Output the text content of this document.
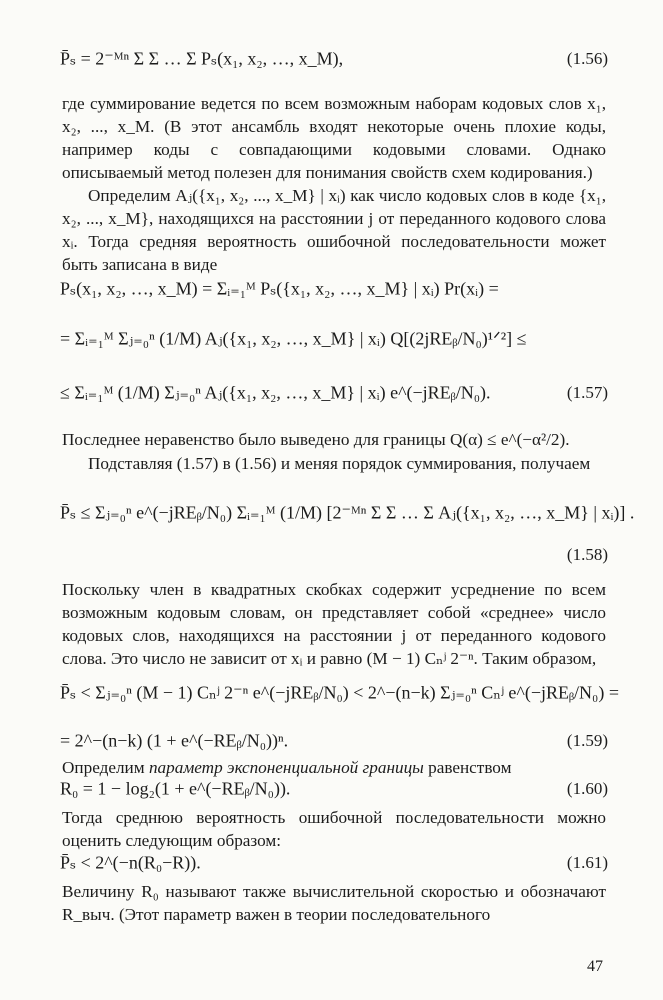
P̄ₛ = 2⁻ᴹⁿ Σ Σ … Σ Pₛ(x₁, x₂, …, x_M),	(1.56)

где суммирование ведется по всем возможным наборам кодовых слов x₁, x₂, ..., x_M. (В этот ансамбль входят некоторые очень плохие коды, например коды с совпадающими кодовыми словами. Однако описываемый метод полезен для понимания свойств схем кодирования.)

Определим Aⱼ({x₁, x₂, ..., x_M} | xᵢ) как число кодовых слов в коде {x₁, x₂, ..., x_M}, находящихся на расстоянии j от переданного кодового слова xᵢ. Тогда средняя вероятность ошибочной последовательности может быть записана в виде

Pₛ(x₁, x₂, …, x_M) = Σᵢ₌₁ᴹ Pₛ({x₁, x₂, …, x_M} | xᵢ) Pr(xᵢ) =
= Σᵢ₌₁ᴹ Σⱼ₌₀ⁿ (1/M) Aⱼ({x₁, x₂, …, x_M} | xᵢ) Q[(2jREᵦ/N₀)¹ᐟ²] ≤
≤ Σᵢ₌₁ᴹ (1/M) Σⱼ₌₀ⁿ Aⱼ({x₁, x₂, …, x_M} | xᵢ) e^(−jREᵦ/N₀).	(1.57)

Последнее неравенство было выведено для границы Q(α) ≤ e^(−α²/2).

Подставляя (1.57) в (1.56) и меняя порядок суммирования, получаем

P̄ₛ ≤ Σⱼ₌₀ⁿ e^(−jREᵦ/N₀) Σᵢ₌₁ᴹ (1/M) [2⁻ᴹⁿ Σ Σ … Σ Aⱼ({x₁, x₂, …, x_M} | xᵢ)] .
(1.58)

Поскольку член в квадратных скобках содержит усреднение по всем возможным кодовым словам, он представляет собой «среднее» число кодовых слов, находящихся на расстоянии j от переданного кодового слова. Это число не зависит от xᵢ и равно (M − 1) Cₙʲ 2⁻ⁿ. Таким образом,

P̄ₛ < Σⱼ₌₀ⁿ (M − 1) Cₙʲ 2⁻ⁿ e^(−jREᵦ/N₀) < 2^−(n−k) Σⱼ₌₀ⁿ Cₙʲ e^(−jREᵦ/N₀) =
= 2^−(n−k) (1 + e^(−REᵦ/N₀))ⁿ.	(1.59)

Определим параметр экспоненциальной границы равенством

R₀ = 1 − log₂(1 + e^(−REᵦ/N₀)).	(1.60)

Тогда среднюю вероятность ошибочной последовательности можно оценить следующим образом:

P̄ₛ < 2^(−n(R₀−R)).	(1.61)

Величину R₀ называют также вычислительной скоростью и обозначают R_выч. (Этот параметр важен в теории последовательного

47
